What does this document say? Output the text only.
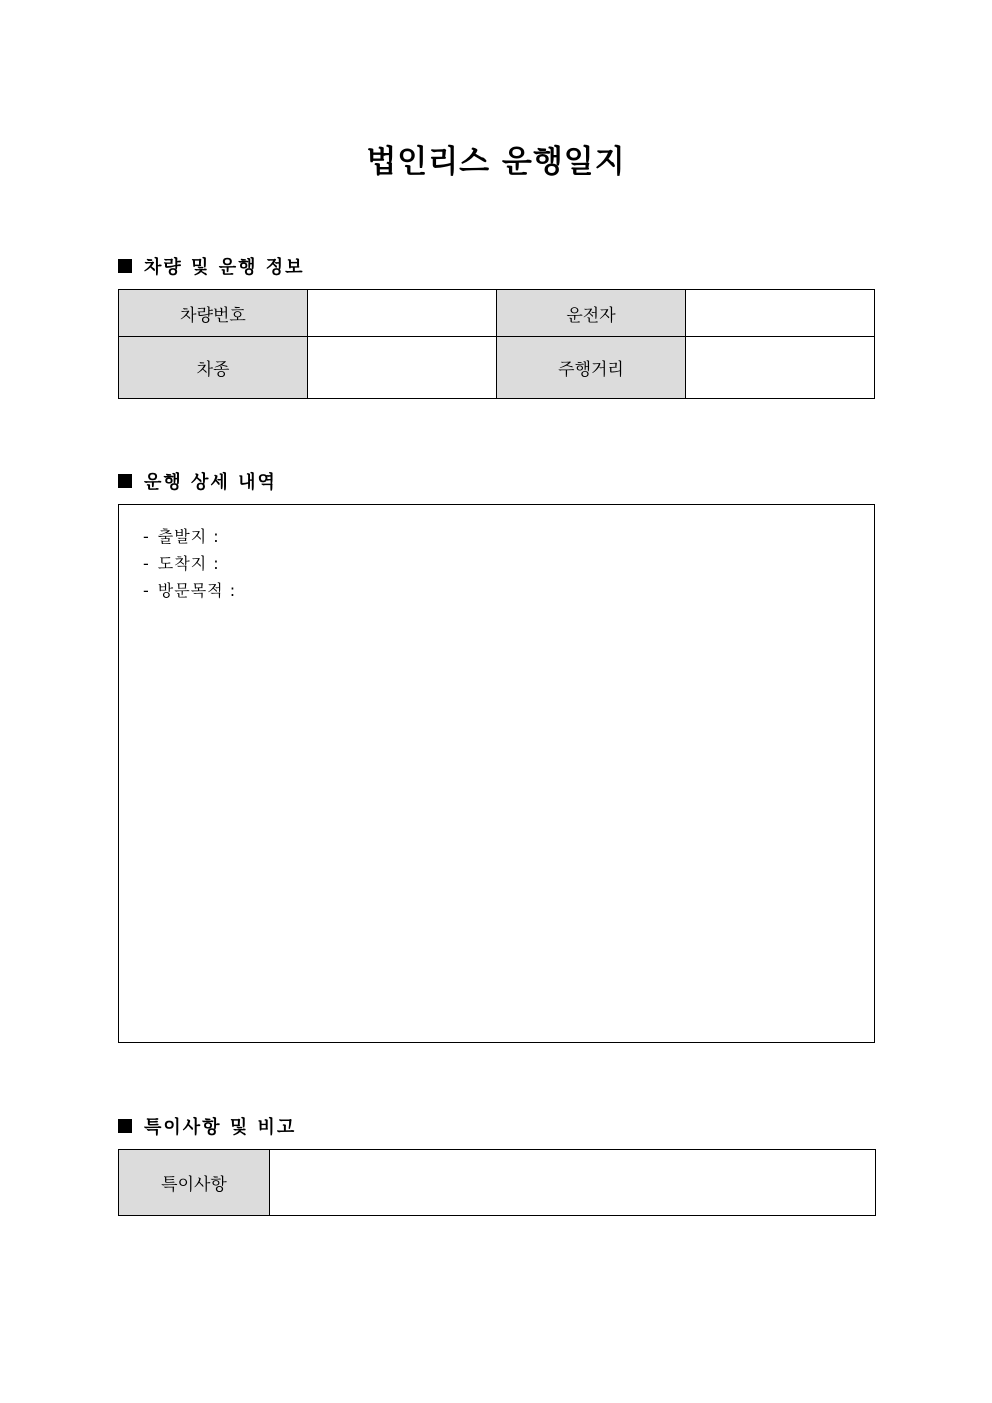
법인리스 운행일지
차량 및 운행 정보
차량번호		운전자	
차종		주행거리	
운행 상세 내역
- 출발지 :
- 도착지 :
- 방문목적 :
특이사항 및 비고
특이사항	
